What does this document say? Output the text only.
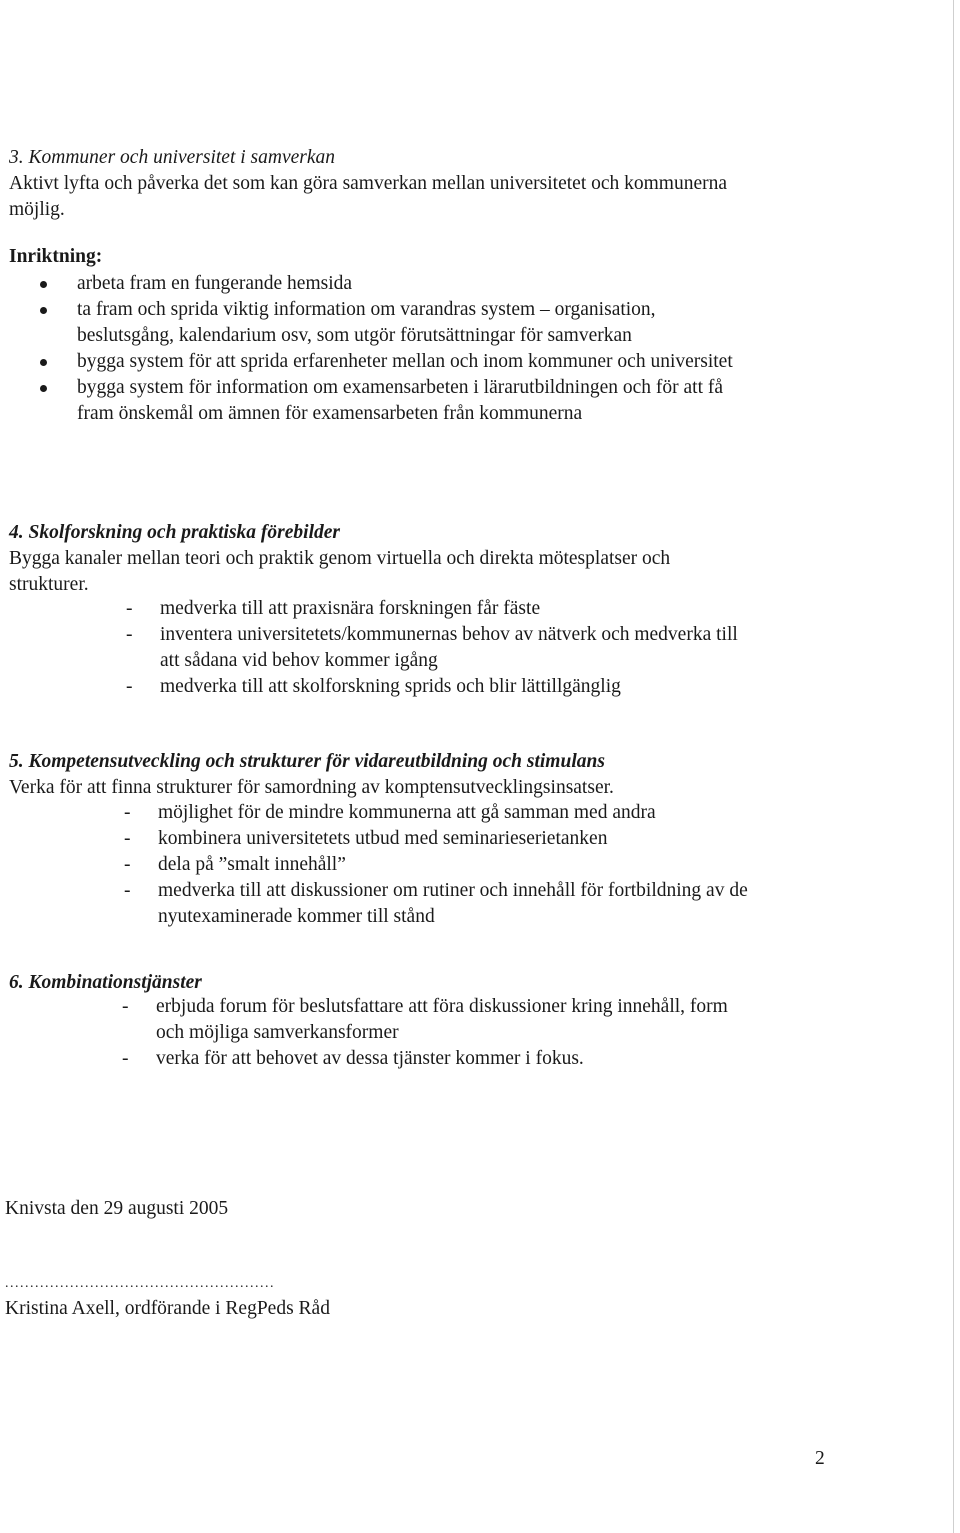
3. Kommuner och universitet i samverkan
Aktivt lyfta och påverka det som kan göra samverkan mellan universitetet och kommunerna
möjlig.
Inriktning:
arbeta fram en fungerande hemsida
ta fram och sprida viktig information om varandras system – organisation,
beslutsgång, kalendarium osv, som utgör förutsättningar för samverkan
bygga system för att sprida erfarenheter mellan och inom kommuner och universitet
bygga system för information om examensarbeten i lärarutbildningen och för att få
fram önskemål om ämnen för examensarbeten från kommunerna
4. Skolforskning och praktiska förebilder
Bygga kanaler mellan teori och praktik genom virtuella och direkta mötesplatser och
strukturer.
- medverka till att praxisnära forskningen får fäste
- inventera universitetets/kommunernas behov av nätverk och medverka till
att sådana vid behov kommer igång
- medverka till att skolforskning sprids och blir lättillgänglig
5. Kompetensutveckling och strukturer för vidareutbildning och stimulans
Verka för att finna strukturer för samordning av komptensutvecklingsinsatser.
- möjlighet för de mindre kommunerna att gå samman med andra
- kombinera universitetets utbud med seminarieserietanken
- dela på ”smalt innehåll”
- medverka till att diskussioner om rutiner och innehåll för fortbildning av de
nyutexaminerade kommer till stånd
6. Kombinationstjänster
- erbjuda forum för beslutsfattare att föra diskussioner kring innehåll, form
och möjliga samverkansformer
- verka för att behovet av dessa tjänster kommer i fokus.
Knivsta den 29 augusti 2005
......................................................
Kristina Axell, ordförande i RegPeds Råd
2
